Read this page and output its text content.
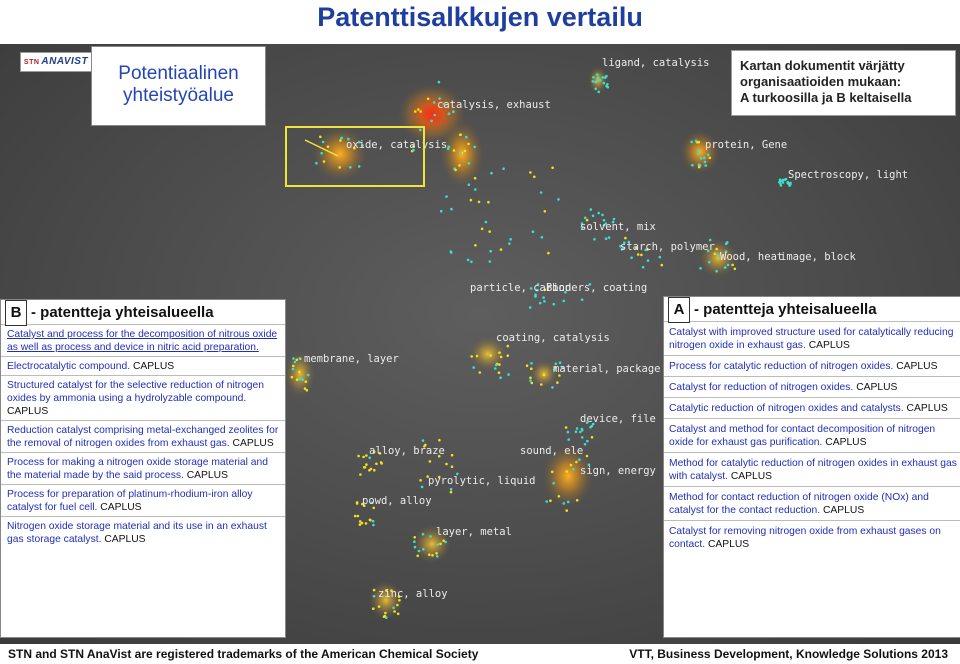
Patenttisalkkujen vertailu
ligand, catalysis
catalysis, exhaust
oxide, catalysis	protein, Gene
Spectroscopy, light
solvent, mix
starch, polymer
Wood, heat
image, block
particle, carbon
Binders, coating
coating, catalysis
membrane, layer
material, package
device, file
alloy, braze	sound, ele
sign, energy
pyrolytic, liquid
powd, alloy
layer, metal
zinc, alloy
STN ANAVIST
Potentiaalinen
yhteistyöalue
Kartan dokumentit värjätty
organisaatioiden mukaan:
A turkoosilla ja B keltaisella
B - patentteja yhteisalueella
Catalyst and process for the decomposition of nitrous oxide as well as process and device in nitric acid preparation.
Electrocatalytic compound. CAPLUS
Structured catalyst for the selective reduction of nitrogen oxides by ammonia using a hydrolyzable compound. CAPLUS
Reduction catalyst comprising metal-exchanged zeolites for the removal of nitrogen oxides from exhaust gas. CAPLUS
Process for making a nitrogen oxide storage material and the material made by the said process. CAPLUS
Process for preparation of platinum-rhodium-iron alloy catalyst for fuel cell. CAPLUS
Nitrogen oxide storage material and its use in an exhaust gas storage catalyst. CAPLUS
A - patentteja yhteisalueella
Catalyst with improved structure used for catalytically reducing nitrogen oxide in exhaust gas. CAPLUS
Process for catalytic reduction of nitrogen oxides. CAPLUS
Catalyst for reduction of nitrogen oxides. CAPLUS
Catalytic reduction of nitrogen oxides and catalysts. CAPLUS
Catalyst and method for contact decomposition of nitrogen oxide for exhaust gas purification. CAPLUS
Method for catalytic reduction of nitrogen oxides in exhaust gas with catalyst. CAPLUS
Method for contact reduction of nitrogen oxide (NOx) and catalyst for the contact reduction. CAPLUS
Catalyst for removing nitrogen oxide from exhaust gases on contact. CAPLUS
STN and STN AnaVist are registered trademarks of the American Chemical Society	VTT, Business Development, Knowledge Solutions 2013
